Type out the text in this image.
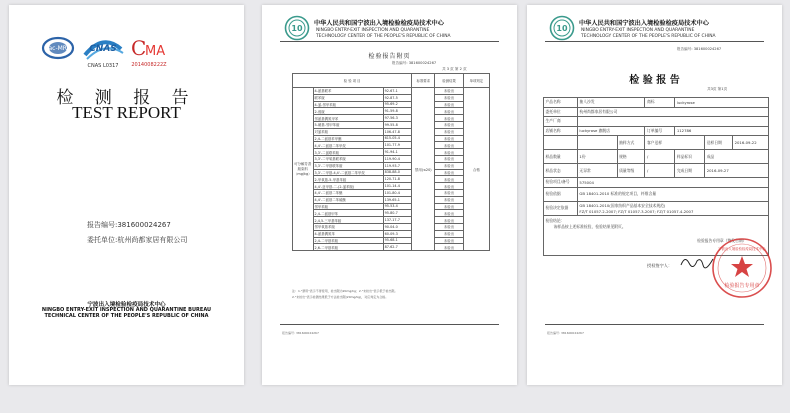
ilac-MRA CNAS
CNAS L0317
C
MA
2014008222Z
检 测 报 告
TEST REPORT
报告编号:381600024267
委托单位:杭州尚都家居有限公司
宁波出入境检验检疫局技术中心
NINGBO ENTRY-EXIT INSPECTION AND QUARANTINE BUREAU
TECHNICAL CENTER OF THE PEOPLE'S REPUBLIC OF CHINA
10
中华人民共和国宁波出入境检验检疫局技术中心
NINGBO ENTRY-EXIT INSPECTION AND QUARANTINE
TECHNOLOGY CENTER OF THE PEOPLE'S REPUBLIC OF CHINA
检验报告附页
报告编号: 381600024267
共 3 页 第 2 页
检 验 项 目			标准要求	检测结果	单项判定
可分解芳香胺染料（mg/kg）	4-氨基联苯	92-67-1	禁用(≤20)	未检出	合格
	联苯胺	92-87-5		未检出	
	4-氯-邻甲苯胺	95-69-2		未检出	
	2-萘胺	91-59-8		未检出	
	邻氨基偶氮甲苯	97-56-3		未检出	
	5-硝基-邻甲苯胺	99-55-8		未检出	
	对氯苯胺	106-47-8		未检出	
	2,4-二氨基苯甲醚	615-05-4		未检出	
	4,4'-二氨基二苯甲烷	101-77-9		未检出	
	3,3'-二氯联苯胺	91-94-1		未检出	
	3,3'-二甲氧基联苯胺	119-90-4		未检出	
	3,3'-二甲基联苯胺	119-93-7		未检出	
	3,3'-二甲基-4,4'-二氨基二苯甲烷	838-88-0		未检出	
	2-甲氧基-5-甲基苯胺	120-71-8		未检出	
	4,4'-亚甲基-二-(2-氯苯胺)	101-14-4		未检出	
	4,4'-二氨基二苯醚	101-80-4		未检出	
	4,4'-二氨基二苯硫醚	139-65-1		未检出	
	邻甲苯胺	95-53-4		未检出	
	2,4-二氨基甲苯	95-80-7		未检出	
	2,4,5-三甲基苯胺	137-17-7		未检出	
	邻甲氧基苯胺	90-04-0		未检出	
	4-氨基偶氮苯	60-09-3		未检出	
	2,4-二甲基苯胺	95-68-1		未检出	
	2,6-二甲基苯胺	87-62-7		未检出	
注：1."禁用"表示不得使用，检出限为20mg/kg；2."未检出"表示低于检出限。
2."未检出"表示检测结果低于方法检出限(20mg/kg)，对应判定为合格。
报告编号: 381600024267
10
中华人民共和国宁波出入境检验检疫局技术中心
NINGBO ENTRY-EXIT INSPECTION AND QUARANTINE
TECHNOLOGY CENTER OF THE PEOPLE'S REPUBLIC OF CHINA
报告编号: 381600024267
检 验 报 告
共3页 第1页
产品名称	抽人沙发		商标	luckyrose		
委托单位	杭州尚都家居有限公司					
生产厂商						
店铺名称	luckyrose 旗舰店		订单编号	112786		
		抽样方式	客户送样		送样日期	2016-09-22
样品数量	1份	规格	/	样品标识	成品	
样品状态	无异常	质量等级	/	完成日期	2016-09-27	
检验项目/备号	575004					
检验依据	GB 18401-2010 标准的规定项目，纤维含量					
检验决定依据	GB 18401-2010(国家纺织产品基本安全技术规范)
FZ/T 01057.2-2007; FZ/T 01057.3-2007; FZ/T 01057.4-2007					

检验结论：
该样品按上述标准检验，检验结果见附页。
检验报告专用章（签发日期）						
授权签字人：
检验报告专用章
宁波出入境检验检疫局技术中心
报告编号: 381600024267
